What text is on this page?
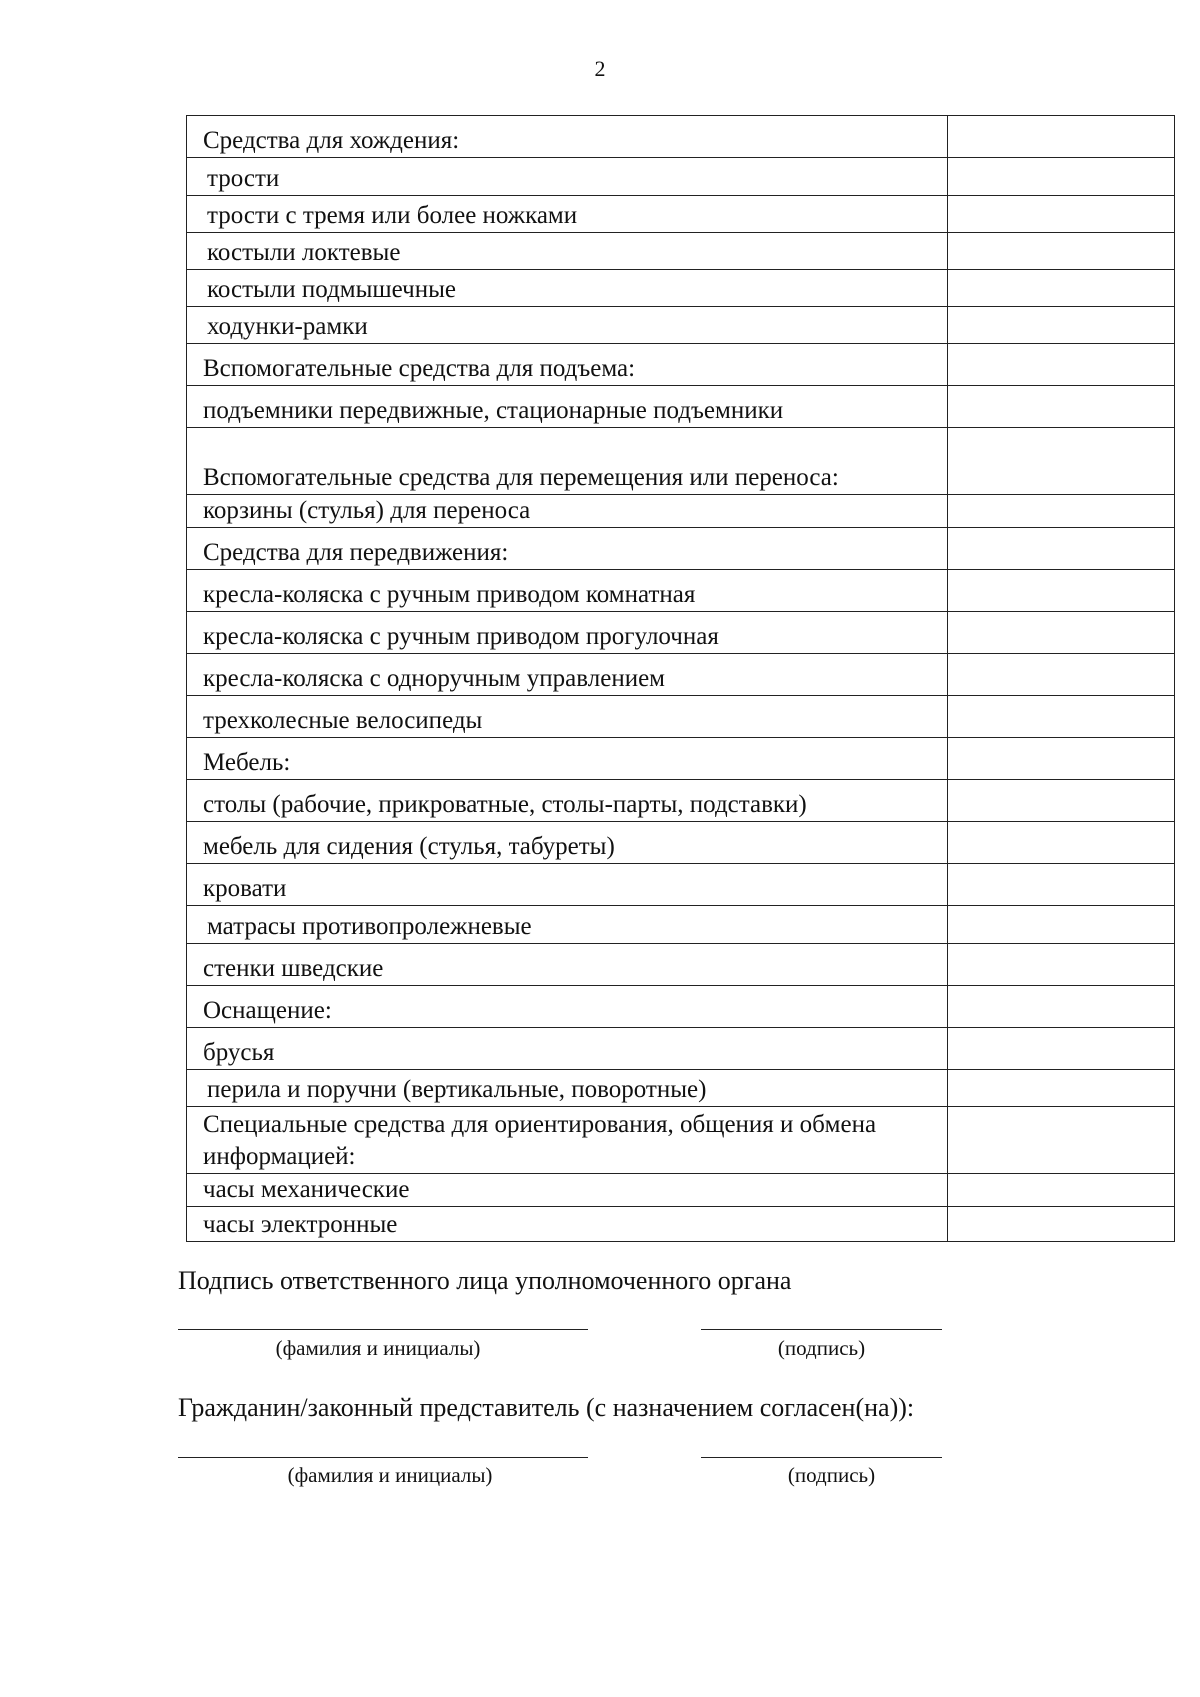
2
Средства для хождения:	
трости	
трости с тремя или более ножками	
костыли локтевые	
костыли подмышечные	
ходунки-рамки	
Вспомогательные средства для подъема:	
подъемники передвижные, стационарные подъемники	
Вспомогательные средства для перемещения или переноса:	
корзины (стулья) для переноса	
Средства для передвижения:	
кресла-коляска с ручным приводом комнатная	
кресла-коляска с ручным приводом прогулочная	
кресла-коляска с одноручным управлением	
трехколесные велосипеды	
Мебель:	
столы (рабочие, прикроватные, столы-парты, подставки)	
мебель для сидения (стулья, табуреты)	
кровати	
матрасы противопролежневые	
стенки шведские	
Оснащение:	
брусья	
перила и поручни (вертикальные, поворотные)	
Специальные средства для ориентирования, общения и обмена информацией:	
часы механические	
часы электронные	
Подпись ответственного лица уполномоченного органа
(фамилия и инициалы)	(подпись)
Гражданин/законный представитель (с назначением согласен(на)):
(фамилия и инициалы)	(подпись)
